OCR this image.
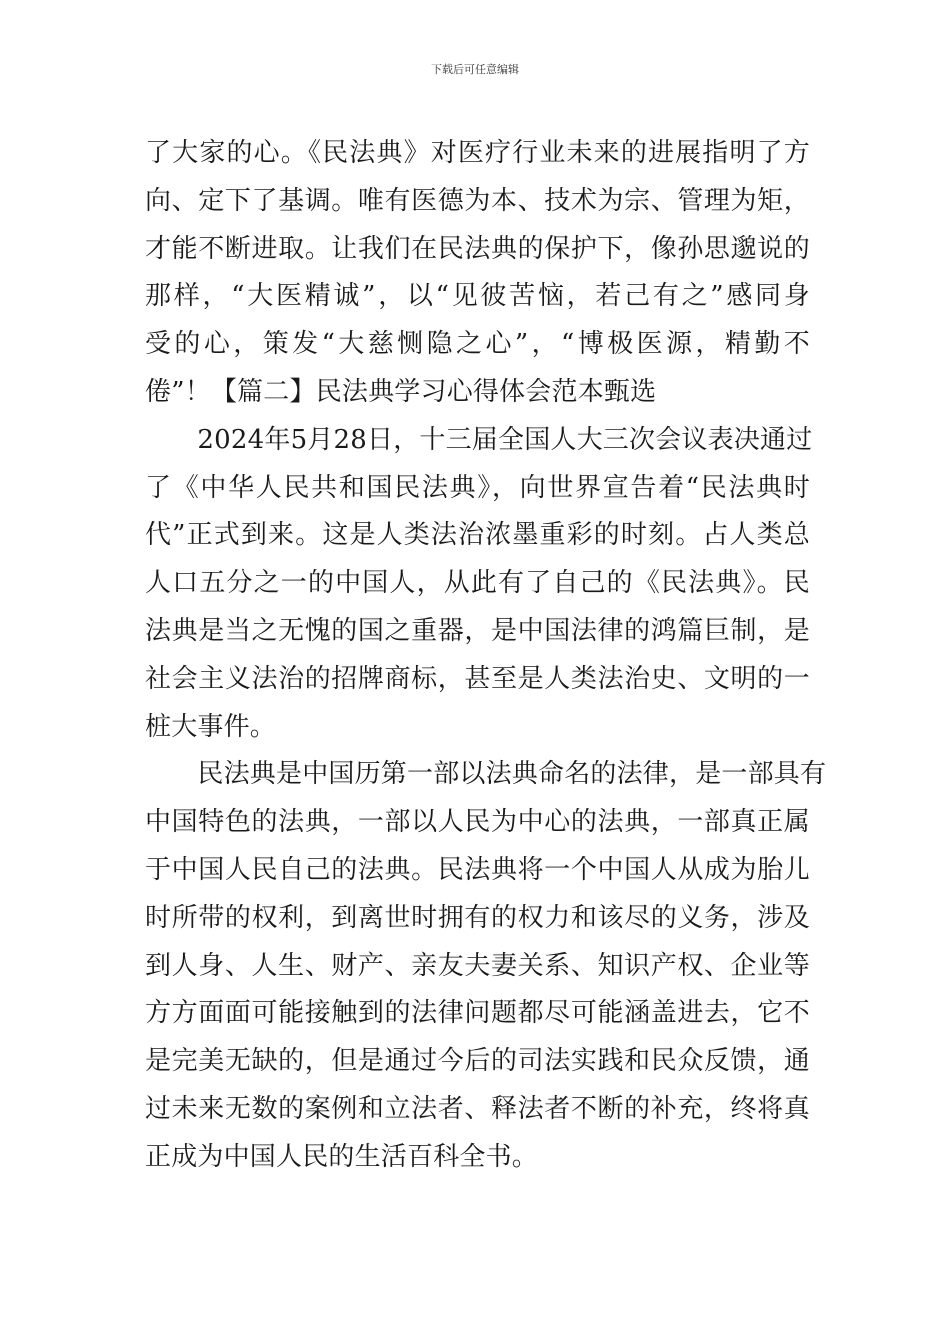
下载后可任意编辑
了大家的心。《民法典》对医疗行业未来的进展指明了方
向、定下了基调。唯有医德为本、技术为宗、管理为矩，
才能不断进取。让我们在民法典的保护下，像孙思邈说的
那样，“大医精诚”，以“见彼苦恼，若己有之”感同身
受的心，策发“大慈恻隐之心”，“博极医源，精勤不
倦”！【篇二】民法典学习心得体会范本甄选
　　2024年5月28日，十三届全国人大三次会议表决通过
了《中华人民共和国民法典》，向世界宣告着“民法典时
代”正式到来。这是人类法治浓墨重彩的时刻。占人类总
人口五分之一的中国人，从此有了自己的《民法典》。民
法典是当之无愧的国之重器，是中国法律的鸿篇巨制，是
社会主义法治的招牌商标，甚至是人类法治史、文明的一
桩大事件。
　　民法典是中国历第一部以法典命名的法律，是一部具有
中国特色的法典，一部以人民为中心的法典，一部真正属
于中国人民自己的法典。民法典将一个中国人从成为胎儿
时所带的权利，到离世时拥有的权力和该尽的义务，涉及
到人身、人生、财产、亲友夫妻关系、知识产权、企业等
方方面面可能接触到的法律问题都尽可能涵盖进去，它不
是完美无缺的，但是通过今后的司法实践和民众反馈，通
过未来无数的案例和立法者、释法者不断的补充，终将真
正成为中国人民的生活百科全书。
